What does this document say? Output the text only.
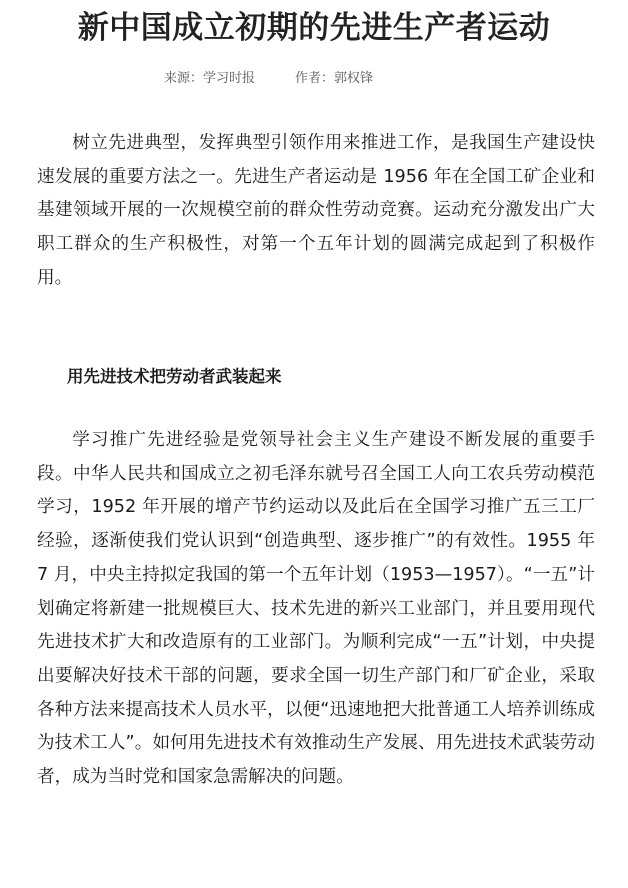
新中国成立初期的先进生产者运动
来源：学习时报	作者：郭权锋

树立先进典型，发挥典型引领作用来推进工作，是我国生产建设快速发展的重要方法之一。先进生产者运动是 1956 年在全国工矿企业和基建领域开展的一次规模空前的群众性劳动竞赛。运动充分激发出广大职工群众的生产积极性，对第一个五年计划的圆满完成起到了积极作用。

用先进技术把劳动者武装起来

学习推广先进经验是党领导社会主义生产建设不断发展的重要手段。中华人民共和国成立之初毛泽东就号召全国工人向工农兵劳动模范学习，1952 年开展的增产节约运动以及此后在全国学习推广五三工厂经验，逐渐使我们党认识到“创造典型、逐步推广”的有效性。1955 年 7 月，中央主持拟定我国的第一个五年计划（1953—1957）。“一五”计划确定将新建一批规模巨大、技术先进的新兴工业部门，并且要用现代先进技术扩大和改造原有的工业部门。为顺利完成“一五”计划，中央提出要解决好技术干部的问题，要求全国一切生产部门和厂矿企业，采取各种方法来提高技术人员水平，以便“迅速地把大批普通工人培养训练成为技术工人”。如何用先进技术有效推动生产发展、用先进技术武装劳动者，成为当时党和国家急需解决的问题。
